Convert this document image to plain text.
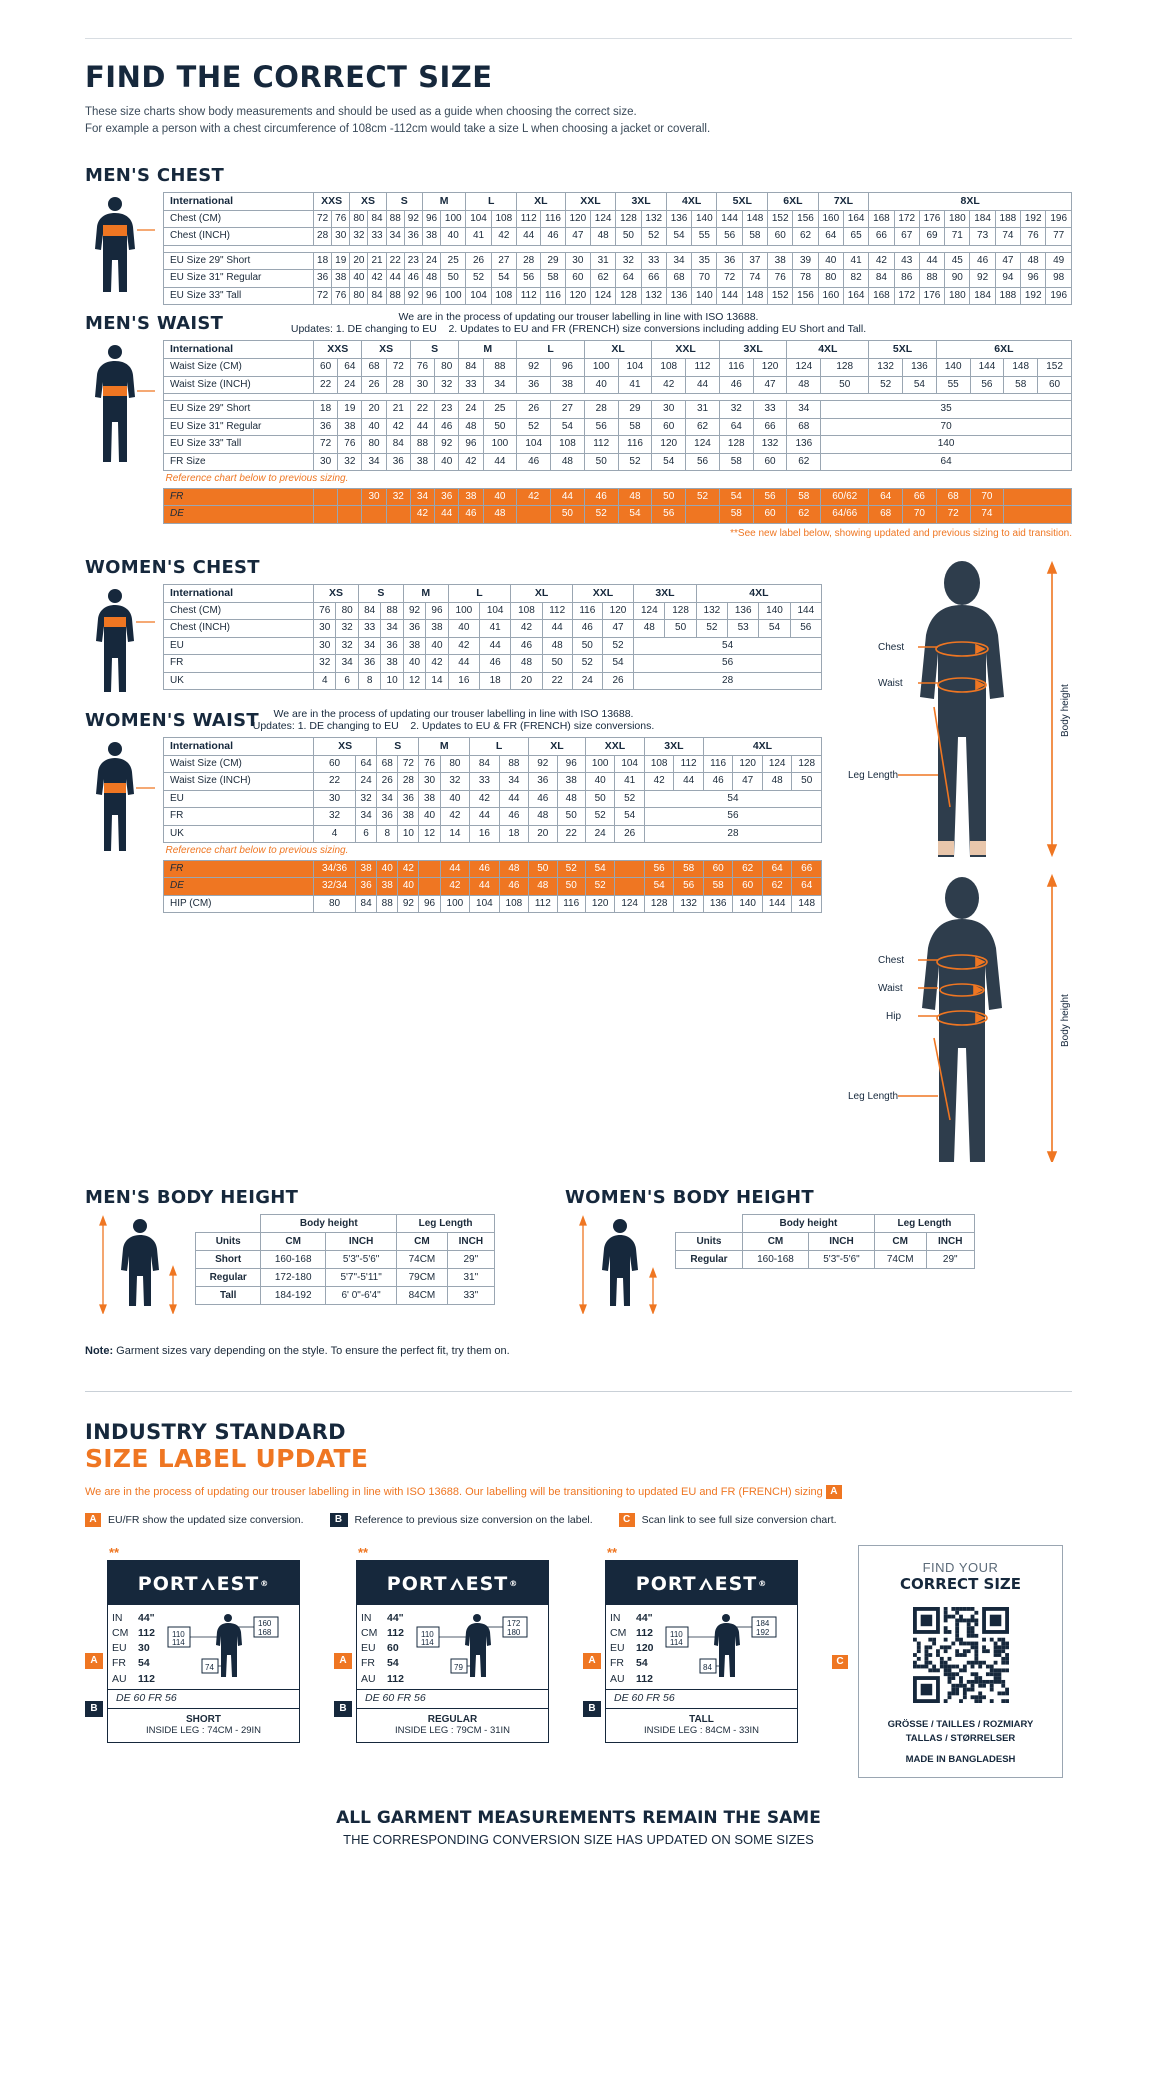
FIND THE CORRECT SIZE
These size charts show body measurements and should be used as a guide when choosing the correct size.
For example a person with a chest circumference of 108cm -112cm would take a size L when choosing a jacket or coverall.
MEN'S CHEST
International	XXS		XS		S		M		L		XL		XXL		3XL		4XL		5XL		6XL		7XL		8XL							
Chest (CM)	72	76	80	84	88	92	96	100	104	108	112	116	120	124	128	132	136	140	144	148	152	156	160	164	168	172	176	180	184	188	192	196
Chest (INCH)	28	30	32	33	34	36	38	40	41	42	44	46	47	48	50	52	54	55	56	58	60	62	64	65	66	67	69	71	73	74	76	77

EU Size 29" Short	18	19	20	21	22	23	24	25	26	27	28	29	30	31	32	33	34	35	36	37	38	39	40	41	42	43	44	45	46	47	48	49
EU Size 31" Regular	36	38	40	42	44	46	48	50	52	54	56	58	60	62	64	66	68	70	72	74	76	78	80	82	84	86	88	90	92	94	96	98
EU Size 33" Tall	72	76	80	84	88	92	96	100	104	108	112	116	120	124	128	132	136	140	144	148	152	156	160	164	168	172	176	180	184	188	192	196
We are in the process of updating our trouser labelling in line with ISO 13688.
Updates: 1. DE changing to EU 2. Updates to EU and FR (FRENCH) size conversions including adding EU Short and Tall.
MEN'S WAIST
International	XXS		XS		S		M		L		XL		XXL		3XL		4XL		5XL		6XL			
Waist Size (CM)	60	64	68	72	76	80	84	88	92	96	100	104	108	112	116	120	124	128	132	136	140	144	148	152
Waist Size (INCH)	22	24	26	28	30	32	33	34	36	38	40	41	42	44	46	47	48	50	52	54	55	56	58	60

EU Size 29" Short	18	19	20	21	22	23	24	25	26	27	28	29	30	31	32	33	34	35						
EU Size 31" Regular	36	38	40	42	44	46	48	50	52	54	56	58	60	62	64	66	68	70						
EU Size 33" Tall	72	76	80	84	88	92	96	100	104	108	112	116	120	124	128	132	136	140						
FR Size	30	32	34	36	38	40	42	44	46	48	50	52	54	56	58	60	62	64						
Reference chart below to previous sizing.																								
FR			30	32	34	36	38	40	42	44	46	48	50	52	54	56	58	60/62	64	66	68	70		
DE					42	44	46	48		50	52	54	56		58	60	62	64/66	68	70	72	74		
**See new label below, showing updated and previous sizing to aid transition.
WOMEN'S CHEST
International	XS		S		M		L		XL		XXL		3XL		4XL			
Chest (CM)	76	80	84	88	92	96	100	104	108	112	116	120	124	128	132	136	140	144
Chest (INCH)	30	32	33	34	36	38	40	41	42	44	46	47	48	50	52	53	54	56
EU	30	32	34	36	38	40	42	44	46	48	50	52	54					
FR	32	34	36	38	40	42	44	46	48	50	52	54	56					
UK	4	6	8	10	12	14	16	18	20	22	24	26	28					
We are in the process of updating our trouser labelling in line with ISO 13688.
Updates: 1. DE changing to EU 2. Updates to EU & FR (FRENCH) size conversions.
WOMEN'S WAIST
International	XS		S		M		L		XL		XXL		3XL		4XL			
Waist Size (CM)	60	64	68	72	76	80	84	88	92	96	100	104	108	112	116	120	124	128
Waist Size (INCH)	22	24	26	28	30	32	33	34	36	38	40	41	42	44	46	47	48	50
EU	30	32	34	36	38	40	42	44	46	48	50	52	54					
FR	32	34	36	38	40	42	44	46	48	50	52	54	56					
UK	4	6	8	10	12	14	16	18	20	22	24	26	28					
Reference chart below to previous sizing.																		
FR	34/36	38	40	42		44	46	48	50	52	54		56	58	60	62	64	66
DE	32/34	36	38	40		42	44	46	48	50	52		54	56	58	60	62	64
HIP (CM)	80	84	88	92	96	100	104	108	112	116	120	124	128	132	136	140	144	148
Chest
Waist
Leg Length
Body height

Chest
Waist
Hip
Leg Length
Body height
MEN'S BODY HEIGHT
	Body height		Leg Length	
Units	CM	INCH	CM	INCH
Short	160-168	5'3"-5'6"	74CM	29"
Regular	172-180	5'7"-5'11"	79CM	31"
Tall	184-192	6' 0"-6'4"	84CM	33"
WOMEN'S BODY HEIGHT
	Body height		Leg Length	
Units	CM	INCH	CM	INCH
Regular	160-168	5'3"-5'6"	74CM	29"
Note: Garment sizes vary depending on the style. To ensure the perfect fit, try them on.
INDUSTRY STANDARD
SIZE LABEL UPDATE
We are in the process of updating our trouser labelling in line with ISO 13688. Our labelling will be transitioning to updated EU and FR (FRENCH) sizing A
A	EU/FR show the updated size conversion.	B	Reference to previous size conversion on the label.	C	Scan link to see full size conversion chart.
**
PORT EST ®
IN	44"
CM 112
EU	30
FR	54
AU	112
110
114
160
168
74
DE 60 FR 56
SHORT
INSIDE LEG : 74CM - 29IN
A
B
**
PORT EST ®
IN	44"
CM 112
EU	60
FR	54
AU	112
110
114
172
180
79
DE 60 FR 56
REGULAR
INSIDE LEG : 79CM - 31IN
A
B
**
PORT EST ®
IN	44"
CM 112
EU	120
FR	54
AU	112
110
114
184
192
84
DE 60 FR 56
TALL
INSIDE LEG : 84CM - 33IN
A
B
C
FIND YOUR
CORRECT SIZE
GRÖSSE / TAILLES / ROZMIARY
TALLAS / STØRRELSER
MADE IN BANGLADESH
ALL GARMENT MEASUREMENTS REMAIN THE SAME
THE CORRESPONDING CONVERSION SIZE HAS UPDATED ON SOME SIZES
